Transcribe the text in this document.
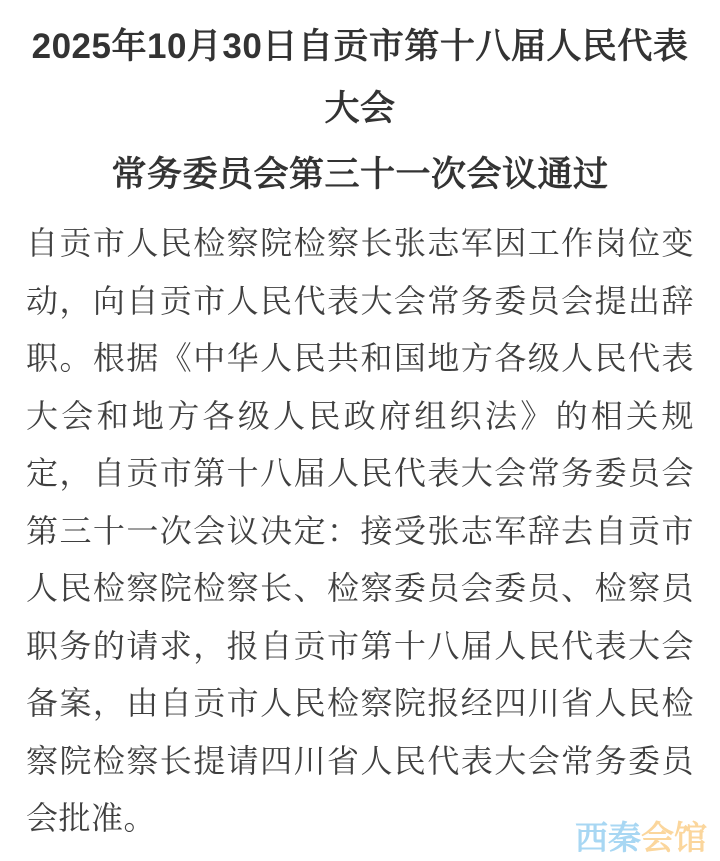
2025年10月30日自贡市第十八届人民代表大会
常务委员会第三十一次会议通过

自贡市人民检察院检察长张志军因工作岗位变动，向自贡市人民代表大会常务委员会提出辞职。根据《中华人民共和国地方各级人民代表大会和地方各级人民政府组织法》的相关规定，自贡市第十八届人民代表大会常务委员会第三十一次会议决定：接受张志军辞去自贡市人民检察院检察长、检察委员会委员、检察员职务的请求，报自贡市第十八届人民代表大会备案，由自贡市人民检察院报经四川省人民检察院检察长提请四川省人民代表大会常务委员会批准。

西秦会馆
